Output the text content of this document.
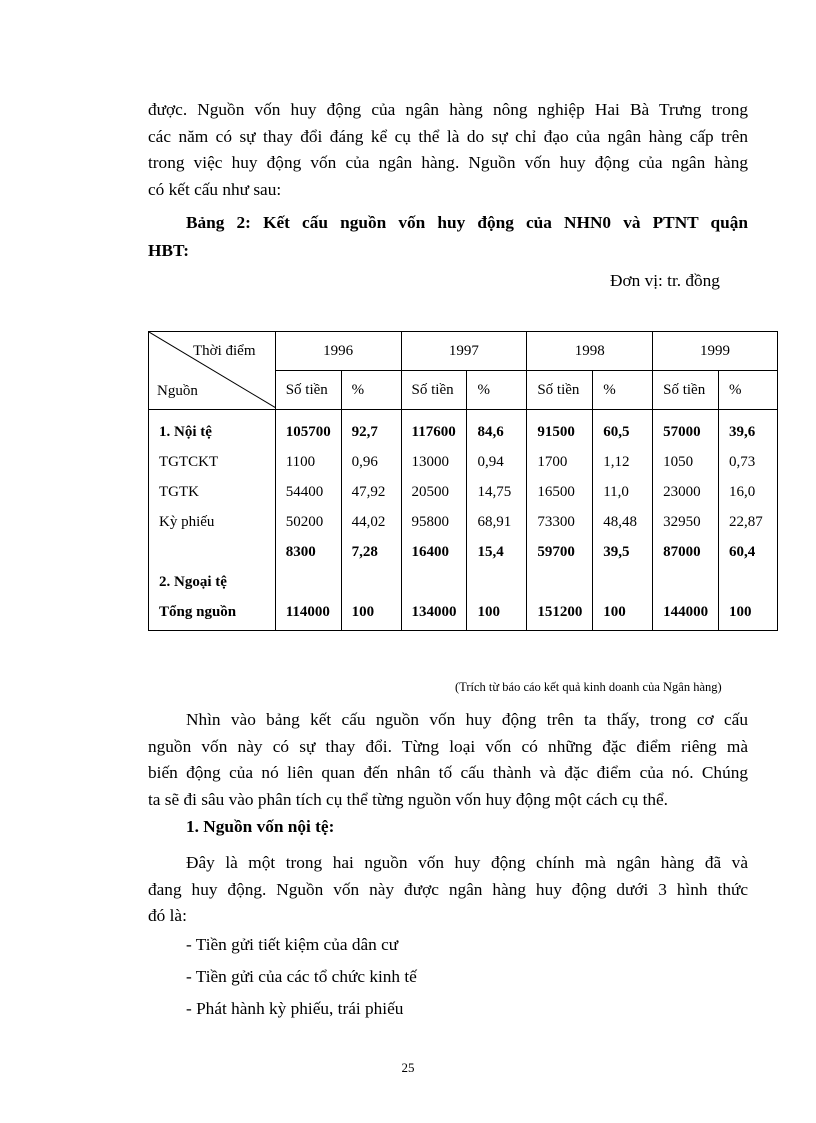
được. Nguồn vốn huy động của ngân hàng nông nghiệp Hai Bà Trưng trong
các năm có sự thay đổi đáng kể cụ thể là do sự chỉ đạo của ngân hàng cấp trên
trong việc huy động vốn của ngân hàng. Nguồn vốn huy động của ngân hàng
có kết cấu như sau:

Bảng 2: Kết cấu nguồn vốn huy động của NHN0 và PTNT quận

HBT:

Đơn vị: tr. đồng

Thời điểm
Nguồn	1996		1997		1998		1999	
	Số tiền	%	Số tiền	%	Số tiền	%	Số tiền	%
1. Nội tệ	105700	92,7	117600	84,6	91500	60,5	57000	39,6
TGTCKT	1100	0,96	13000	0,94	1700	1,12	1050	0,73
TGTK	54400	47,92	20500	14,75	16500	11,0	23000	16,0
Kỳ phiếu	50200	44,02	95800	68,91	73300	48,48	32950	22,87
	8300	7,28	16400	15,4	59700	39,5	87000	60,4
2. Ngoại tệ								
Tổng nguồn	114000	100	134000	100	151200	100	144000	100

(Trích từ báo cáo kết quả kinh doanh của Ngân hàng)

Nhìn vào bảng kết cấu nguồn vốn huy động trên ta thấy, trong cơ cấu
nguồn vốn này có sự thay đổi. Từng loại vốn có những đặc điểm riêng mà
biến động của nó liên quan đến nhân tố cấu thành và đặc điểm của nó. Chúng
ta sẽ đi sâu vào phân tích cụ thể từng nguồn vốn huy động một cách cụ thể.

1. Nguồn vốn nội tệ:

Đây là một trong hai nguồn vốn huy động chính mà ngân hàng đã và
đang huy động. Nguồn vốn này được ngân hàng huy động dưới 3 hình thức
đó là:

- Tiền gửi tiết kiệm của dân cư

- Tiền gửi của các tổ chức kinh tế

- Phát hành kỳ phiếu, trái phiếu

25
